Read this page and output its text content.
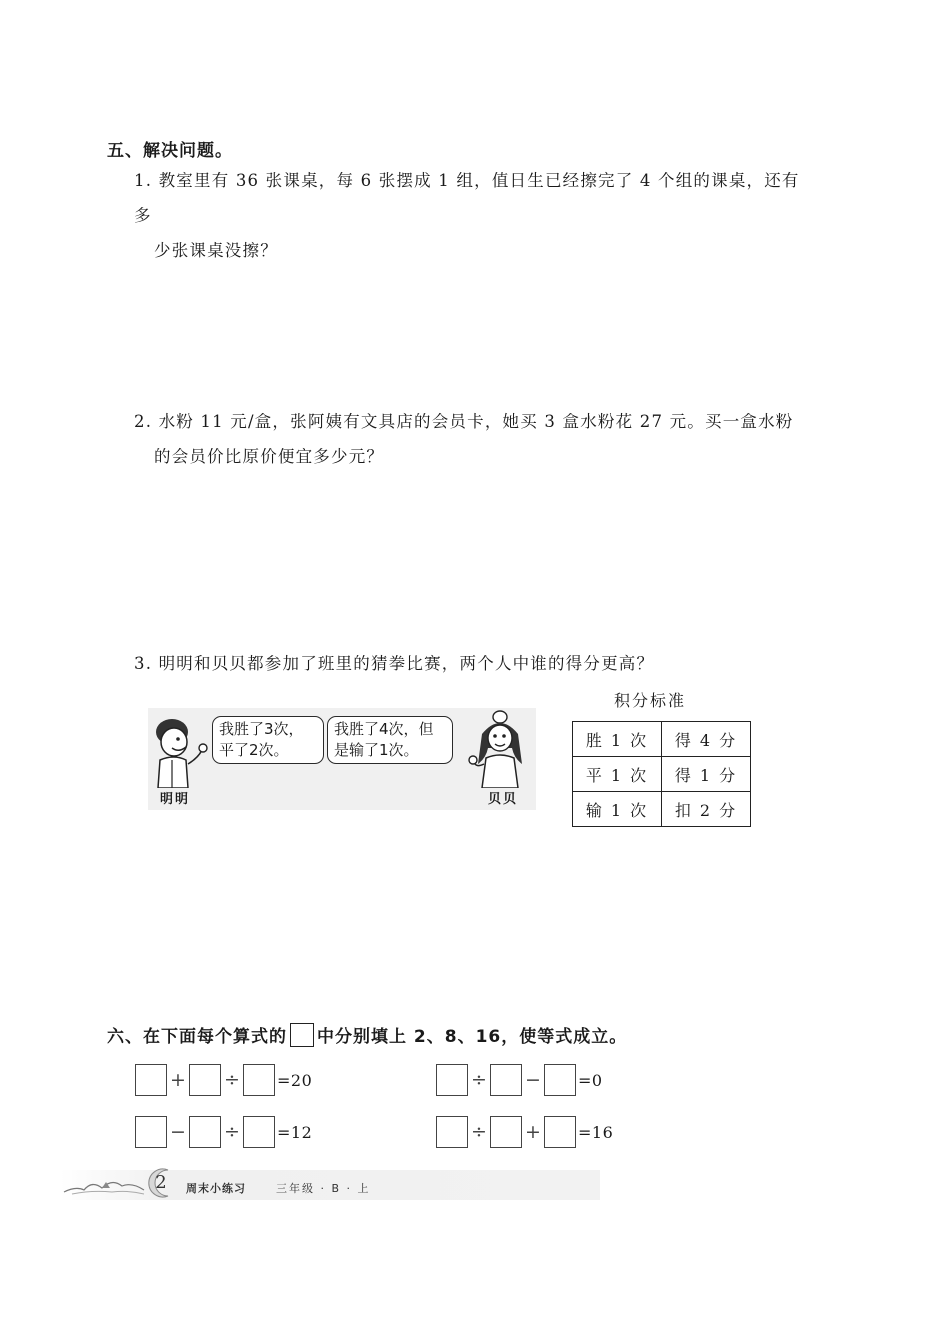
五、解决问题。
1. 教室里有 36 张课桌，每 6 张摆成 1 组，值日生已经擦完了 4 个组的课桌，还有多
少张课桌没擦？
2. 水粉 11 元/盒，张阿姨有文具店的会员卡，她买 3 盒水粉花 27 元。买一盒水粉
的会员价比原价便宜多少元？
3. 明明和贝贝都参加了班里的猜拳比赛，两个人中谁的得分更高？
我胜了3次，
平了2次。
我胜了4次，但
是输了1次。
明明	贝贝
积分标准
胜 1 次	得 4 分
平 1 次	得 1 分
输 1 次	扣 2 分
六、在下面每个算式的 中分别填上 2、8、16，使等式成立。
+ ÷ =20	÷ − =0
− ÷ =12	÷ + =16
2	周末小练习	三年级 · B · 上
